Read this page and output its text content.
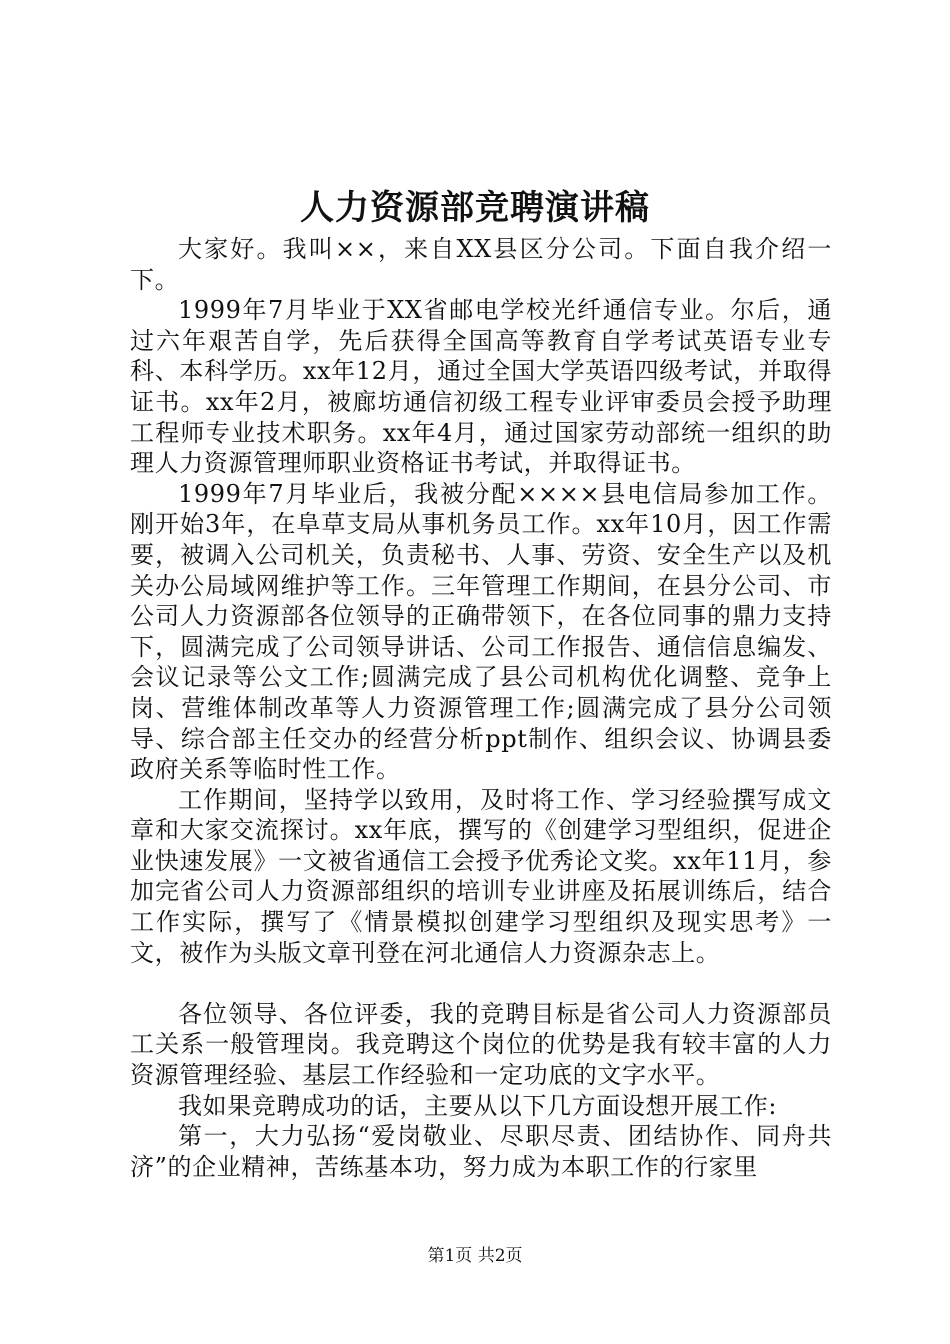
人力资源部竞聘演讲稿

大家好。我叫××，来自XX县区分公司。下面自我介绍一下。

1999年7月毕业于XX省邮电学校光纤通信专业。尔后，通过六年艰苦自学，先后获得全国高等教育自学考试英语专业专科、本科学历。xx年12月，通过全国大学英语四级考试，并取得证书。xx年2月，被廊坊通信初级工程专业评审委员会授予助理工程师专业技术职务。xx年4月，通过国家劳动部统一组织的助理人力资源管理师职业资格证书考试，并取得证书。

1999年7月毕业后，我被分配××××县电信局参加工作。刚开始3年，在阜草支局从事机务员工作。xx年10月，因工作需要，被调入公司机关，负责秘书、人事、劳资、安全生产以及机关办公局域网维护等工作。三年管理工作期间，在县分公司、市公司人力资源部各位领导的正确带领下，在各位同事的鼎力支持下，圆满完成了公司领导讲话、公司工作报告、通信信息编发、会议记录等公文工作;圆满完成了县公司机构优化调整、竞争上岗、营维体制改革等人力资源管理工作;圆满完成了县分公司领导、综合部主任交办的经营分析ppt制作、组织会议、协调县委政府关系等临时性工作。

工作期间，坚持学以致用，及时将工作、学习经验撰写成文章和大家交流探讨。xx年底，撰写的《创建学习型组织，促进企业快速发展》一文被省通信工会授予优秀论文奖。xx年11月，参加完省公司人力资源部组织的培训专业讲座及拓展训练后，结合工作实际，撰写了《情景模拟创建学习型组织及现实思考》一文，被作为头版文章刊登在河北通信人力资源杂志上。

各位领导、各位评委，我的竞聘目标是省公司人力资源部员工关系一般管理岗。我竞聘这个岗位的优势是我有较丰富的人力资源管理经验、基层工作经验和一定功底的文字水平。

我如果竞聘成功的话，主要从以下几方面设想开展工作:

第一，大力弘扬“爱岗敬业、尽职尽责、团结协作、同舟共济”的企业精神，苦练基本功，努力成为本职工作的行家里

第1页 共2页
